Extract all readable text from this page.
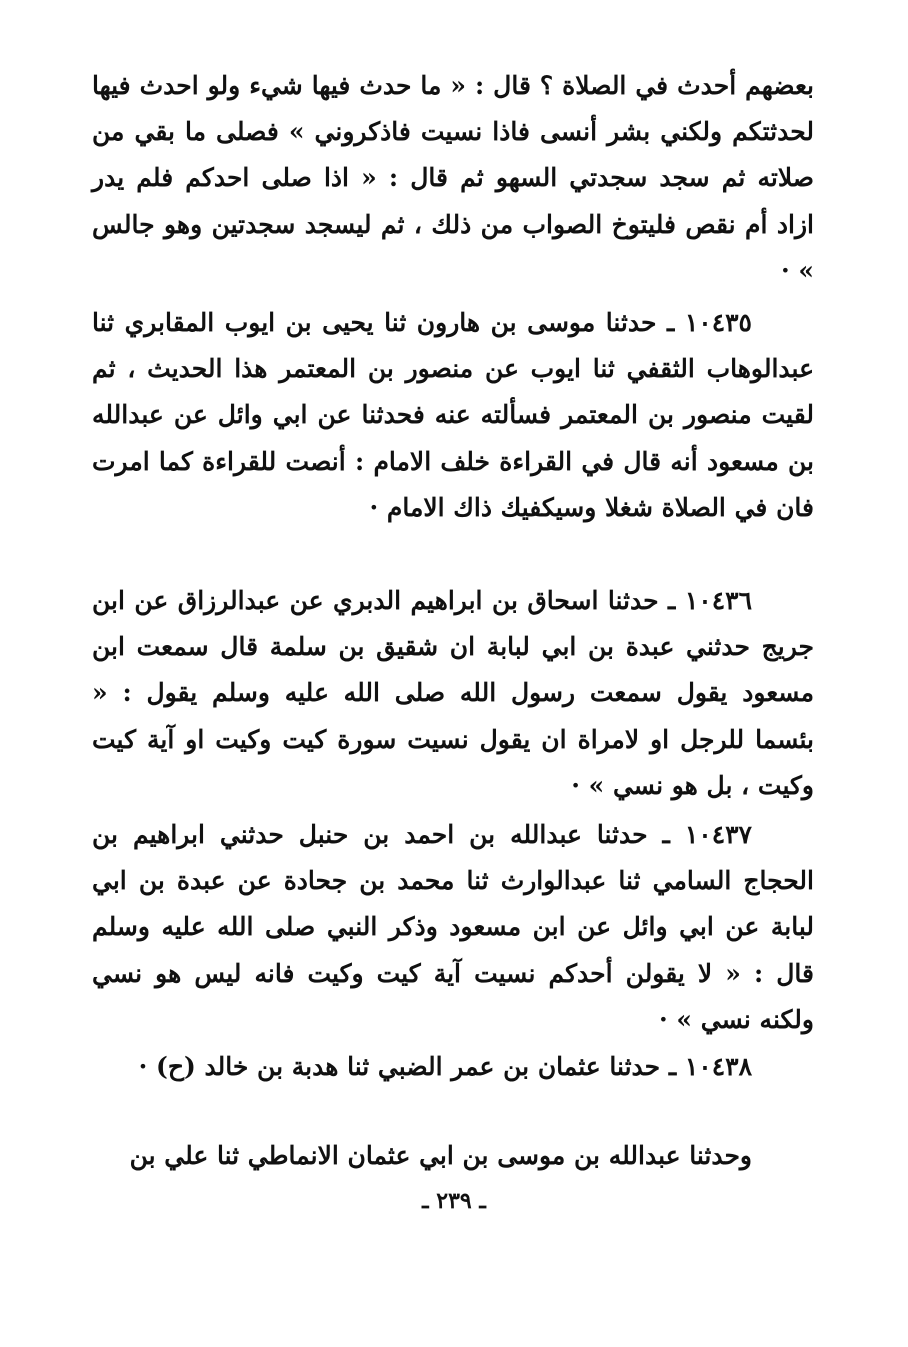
بعضهم أحدث في الصلاة ؟ قال : « ما حدث فيها شيء ولو احدث فيها لحدثتكم ولكني بشر أنسى فاذا نسيت فاذكروني » فصلى ما بقي من صلاته ثم سجد سجدتي السهو ثم قال : « اذا صلى احدكم فلم يدر ازاد أم نقص فليتوخ الصواب من ذلك ، ثم ليسجد سجدتين وهو جالس » ·

١٠٤٣٥ ـ حدثنا موسى بن هارون ثنا يحيى بن ايوب المقابري ثنا عبدالوهاب الثقفي ثنا ايوب عن منصور بن المعتمر هذا الحديث ، ثم لقيت منصور بن المعتمر فسألته عنه فحدثنا عن ابي وائل عن عبدالله بن مسعود أنه قال في القراءة خلف الامام : أنصت للقراءة كما امرت فان في الصلاة شغلا وسيكفيك ذاك الامام ·

١٠٤٣٦ ـ حدثنا اسحاق بن ابراهيم الدبري عن عبدالرزاق عن ابن جريج حدثني عبدة بن ابي لبابة ان شقيق بن سلمة قال سمعت ابن مسعود يقول سمعت رسول الله صلى الله عليه وسلم يقول : « بئسما للرجل او لامراة ان يقول نسيت سورة كيت وكيت او آية كيت وكيت ، بل هو نسي » ·

١٠٤٣٧ ـ حدثنا عبدالله بن احمد بن حنبل حدثني ابراهيم بن الحجاج السامي ثنا عبدالوارث ثنا محمد بن جحادة عن عبدة بن ابي لبابة عن ابي وائل عن ابن مسعود وذكر النبي صلى الله عليه وسلم قال : « لا يقولن أحدكم نسيت آية كيت وكيت فانه ليس هو نسي ولكنه نسي » ·

١٠٤٣٨ ـ حدثنا عثمان بن عمر الضبي ثنا هدبة بن خالد (ح) ·

وحدثنا عبدالله بن موسى بن ابي عثمان الانماطي ثنا علي بن

ـ ٢٣٩ ـ
